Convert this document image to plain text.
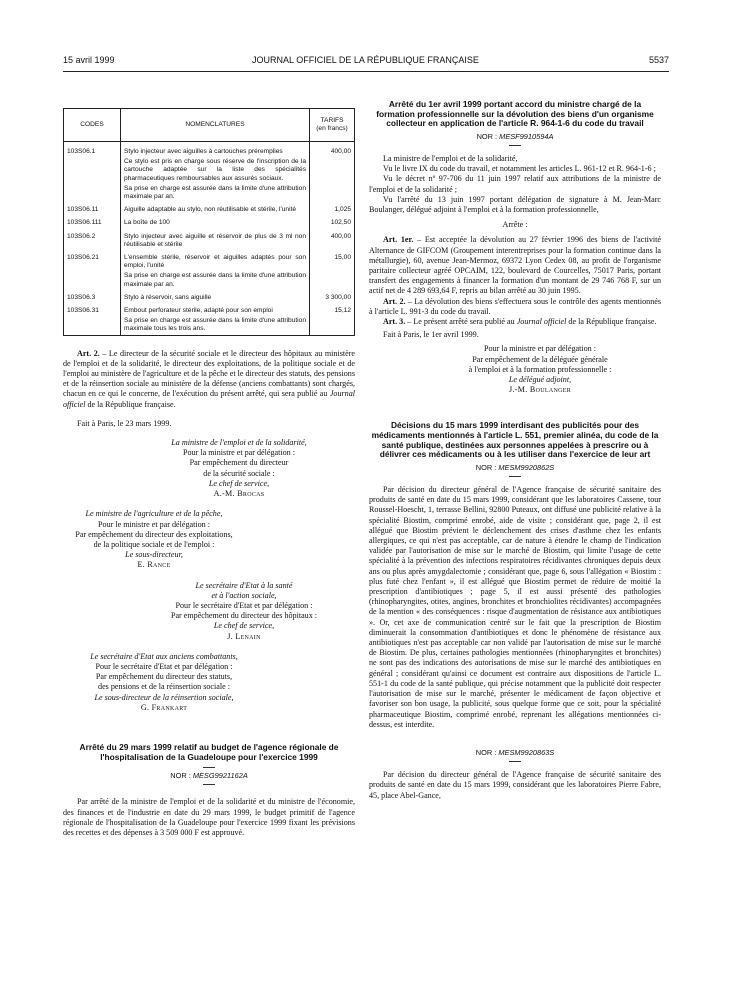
15 avril 1999	JOURNAL OFFICIEL DE LA RÉPUBLIQUE FRANÇAISE	5537
CODES	NOMENCLATURES	TARIFS
(en francs)
103S06.1	Stylo injecteur avec aiguilles à cartouches préremplies	400,00
	Ce stylo est pris en charge sous réserve de l'inscription de la cartouche adaptée sur la liste des spécialités pharmaceutiques remboursables aux assurés sociaux.	
	Sa prise en charge est assurée dans la limite d'une attribution maximale par an.	
103S06.11	Aiguille adaptable au stylo, non réutilisable et stérile, l'unité	1,025
103S06.111	La boîte de 100	102,50
103S06.2	Stylo injecteur avec aiguille et réservoir de plus de 3 ml non réutilisable et stérile	400,00
103S06.21	L'ensemble stérile, réservoir et aiguilles adaptés pour son emploi, l'unité	15,00
	Sa prise en charge est assurée dans la limite d'une attribution maximale par an.	
103S06.3	Stylo à réservoir, sans aiguille	3 300,00
103S06.31	Embout perforateur stérile, adapté pour son emploi	15,12
	Sa prise en charge est assurée dans la limite d'une attribution maximale tous les trois ans.	

Art. 2. – Le directeur de la sécurité sociale et le directeur des hôpitaux au ministère de l'emploi et de la solidarité, le directeur des exploitations, de la politique sociale et de l'emploi au ministère de l'agriculture et de la pêche et le directeur des statuts, des pensions et de la réinsertion sociale au ministère de la défense (anciens combattants) sont chargés, chacun en ce qui le concerne, de l'exécution du présent arrêté, qui sera publié au Journal officiel de la République française.

Fait à Paris, le 23 mars 1999.

La ministre de l'emploi et de la solidarité,

Pour la ministre et par délégation :

Par empêchement du directeur

de la sécurité sociale :

Le chef de service,

A.-M. Brocas

Le ministre de l'agriculture et de la pêche,

Pour le ministre et par délégation :

Par empêchement du directeur des exploitations,

de la politique sociale et de l'emploi :

Le sous-directeur,

E. Rance

Le secrétaire d'Etat à la santé

et à l'action sociale,

Pour le secrétaire d'Etat et par délégation :

Par empêchement du directeur des hôpitaux :

Le chef de service,

J. Lenain

Le secrétaire d'Etat aux anciens combattants,

Pour le secrétaire d'Etat et par délégation :

Par empêchement du directeur des statuts,

des pensions et de la réinsertion sociale :

Le sous-directeur de la réinsertion sociale,

G. Frankart

Arrêté du 29 mars 1999 relatif au budget de l'agence régionale de l'hospitalisation de la Guadeloupe pour l'exercice 1999

NOR : MESG9921162A

Par arrêté de la ministre de l'emploi et de la solidarité et du ministre de l'économie, des finances et de l'industrie en date du 29 mars 1999, le budget primitif de l'agence régionale de l'hospitalisation de la Guadeloupe pour l'exercice 1999 fixant les prévisions des recettes et des dépenses à 3 509 000 F est approuvé.

Arrêté du 1er avril 1999 portant accord du ministre chargé de la formation professionnelle sur la dévolution des biens d'un organisme collecteur en application de l'article R. 964-1-6 du code du travail

NOR : MESF9910594A

La ministre de l'emploi et de la solidarité,

Vu le livre IX du code du travail, et notamment les articles L. 961-12 et R. 964-1-6 ;

Vu le décret nº 97-706 du 11 juin 1997 relatif aux attributions de la ministre de l'emploi et de la solidarité ;

Vu l'arrêté du 13 juin 1997 portant délégation de signature à M. Jean-Marc Boulanger, délégué adjoint à l'emploi et à la formation professionnelle,

Arrête :

Art. 1er. – Est acceptée la dévolution au 27 février 1996 des biens de l'activité Alternance de GIFCOM (Groupement interentreprises pour la formation continue dans la métallurgie), 60, avenue Jean-Mermoz, 69372 Lyon Cedex 08, au profit de l'organisme paritaire collecteur agréé OPCAIM, 122, boulevard de Courcelles, 75017 Paris, portant transfert des engagements à financer la formation d'un montant de 29 746 768 F, sur un actif net de 4 289 693,64 F, repris au bilan arrêté au 30 juin 1995.

Art. 2. – La dévolution des biens s'effectuera sous le contrôle des agents mentionnés à l'article L. 991-3 du code du travail.

Art. 3. – Le présent arrêté sera publié au Journal officiel de la République française.

Fait à Paris, le 1er avril 1999.

Pour la ministre et par délégation :

Par empêchement de la déléguée générale

à l'emploi et à la formation professionnelle :

Le délégué adjoint,

J.-M. Boulanger

Décisions du 15 mars 1999 interdisant des publicités pour des médicaments mentionnés à l'article L. 551, premier alinéa, du code de la santé publique, destinées aux personnes appelées à prescrire ou à délivrer ces médicaments ou à les utiliser dans l'exercice de leur art

NOR : MESM9920862S

Par décision du directeur général de l'Agence française de sécurité sanitaire des produits de santé en date du 15 mars 1999, considérant que les laboratoires Cassene, tour Roussel-Hoescht, 1, terrasse Bellini, 92800 Puteaux, ont diffusé une publicité relative à la spécialité Biostim, comprimé enrobé, aide de visite ; considérant que, page 2, il est allégué que Biostim prévient le déclenchement des crises d'asthme chez les enfants allergiques, ce qui n'est pas acceptable, car de nature à étendre le champ de l'indication validée par l'autorisation de mise sur le marché de Biostim, qui limite l'usage de cette spécialité à la prévention des infections respiratoires récidivantes chroniques depuis deux ans ou plus après amygdalectomie ; considérant que, page 6, sous l'allégation « Biostim : plus futé chez l'enfant », il est allégué que Biostim permet de réduire de moitié la prescription d'antibiotiques ; page 5, il est aussi présenté des pathologies (rhinopharyngites, otites, angines, bronchites et bronchiolites récidivantes) accompagnées de la mention « des conséquences : risque d'augmentation de résistance aux antibiotiques ». Or, cet axe de communication centré sur le fait que la prescription de Biostim diminuerait la consommation d'antibiotiques et donc le phénomène de résistance aux antibiotiques n'est pas acceptable car non validé par l'autorisation de mise sur le marché de Biostim. De plus, certaines pathologies mentionnées (rhinopharyngites et bronchites) ne sont pas des indications des autorisations de mise sur le marché des antibiotiques en général ; considérant qu'ainsi ce document est contraire aux dispositions de l'article L. 551-1 du code de la santé publique, qui précise notamment que la publicité doit respecter l'autorisation de mise sur le marché, présenter le médicament de façon objective et favoriser son bon usage, la publicité, sous quelque forme que ce soit, pour la spécialité pharmaceutique Biostim, comprimé enrobé, reprenant les allégations mentionnées ci-dessus, est interdite.

NOR : MESM9920863S

Par décision du directeur général de l'Agence française de sécurité sanitaire des produits de santé en date du 15 mars 1999, considérant que les laboratoires Pierre Fabre, 45, place Abel-Gance,
